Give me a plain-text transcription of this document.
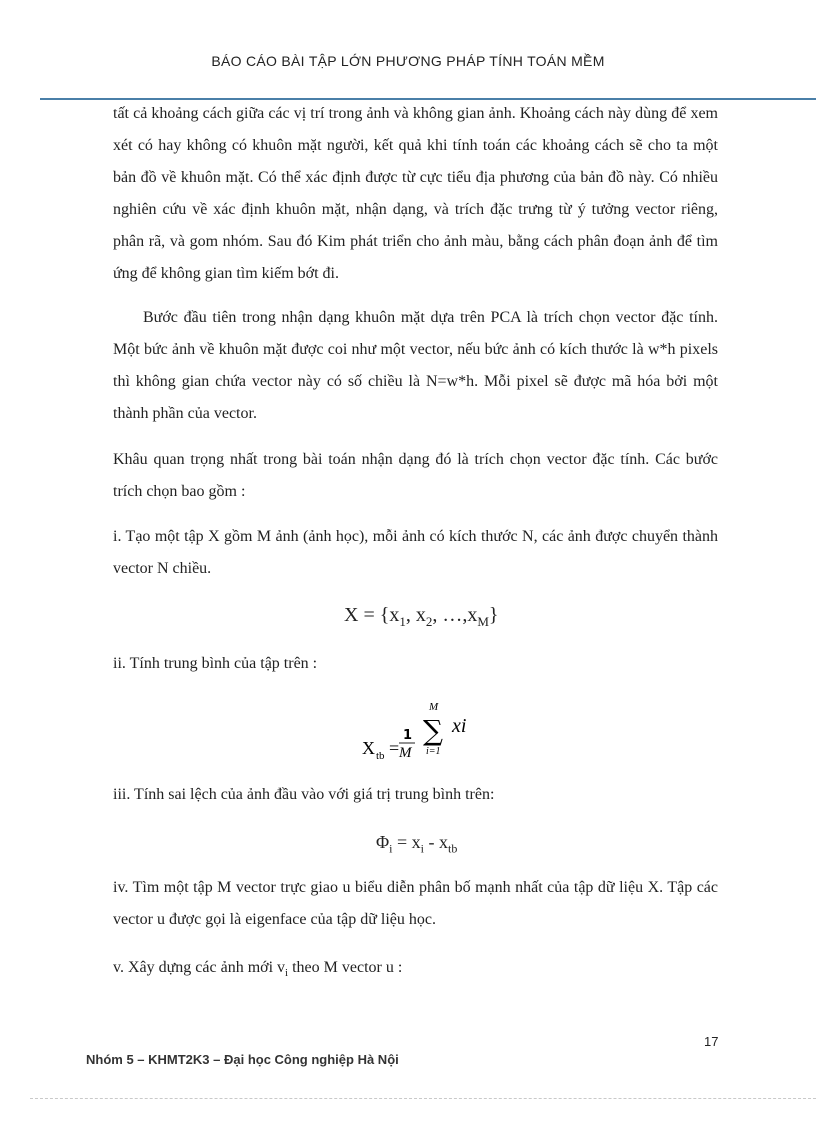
BÁO CÁO BÀI TẬP LỚN PHƯƠNG PHÁP TÍNH TOÁN MỀM
tất cả khoảng cách giữa các vị trí trong ảnh và không gian ảnh. Khoảng cách này dùng để xem xét có hay không có khuôn mặt người, kết quả khi tính toán các khoảng cách sẽ cho ta một bản đồ về khuôn mặt. Có thể xác định được từ cực tiểu địa phương của bản đồ này. Có nhiều nghiên cứu về xác định khuôn mặt, nhận dạng, và trích đặc trưng từ ý tưởng vector riêng, phân rã, và gom nhóm. Sau đó Kim phát triển cho ảnh màu, bằng cách phân đoạn ảnh để tìm ứng để không gian tìm kiếm bớt đi.
Bước đầu tiên trong nhận dạng khuôn mặt dựa trên PCA là trích chọn vector đặc tính. Một bức ảnh về khuôn mặt được coi như một vector, nếu bức ảnh có kích thước là w*h pixels thì không gian chứa vector này có số chiều là N=w*h. Mỗi pixel sẽ được mã hóa bởi một thành phần của vector.
Khâu quan trọng nhất trong bài toán nhận dạng đó là trích chọn vector đặc tính. Các bước trích chọn bao gồm :
i. Tạo một tập X gồm M ảnh (ảnh học), mỗi ảnh có kích thước N, các ảnh được chuyển thành vector N chiều.
$X = \{x_1$, $x_2$, $\dots,x_M$}
ii. Tính trung bình của tập trên :
X tb =
1
M
M
∑
i=1
xi
iii. Tính sai lệch của ảnh đầu vào với giá trị trung bình trên:
$\Phi_i = x_i - x_{tb}$
iv. Tìm một tập M vector trực giao u biểu diễn phân bố mạnh nhất của tập dữ liệu X. Tập các vector u được gọi là eigenface của tập dữ liệu học.
v. Xây dựng các ảnh mới $v_i$ theo M vector u :
17
Nhóm 5 – KHMT2K3 – Đại học Công nghiệp Hà Nội
